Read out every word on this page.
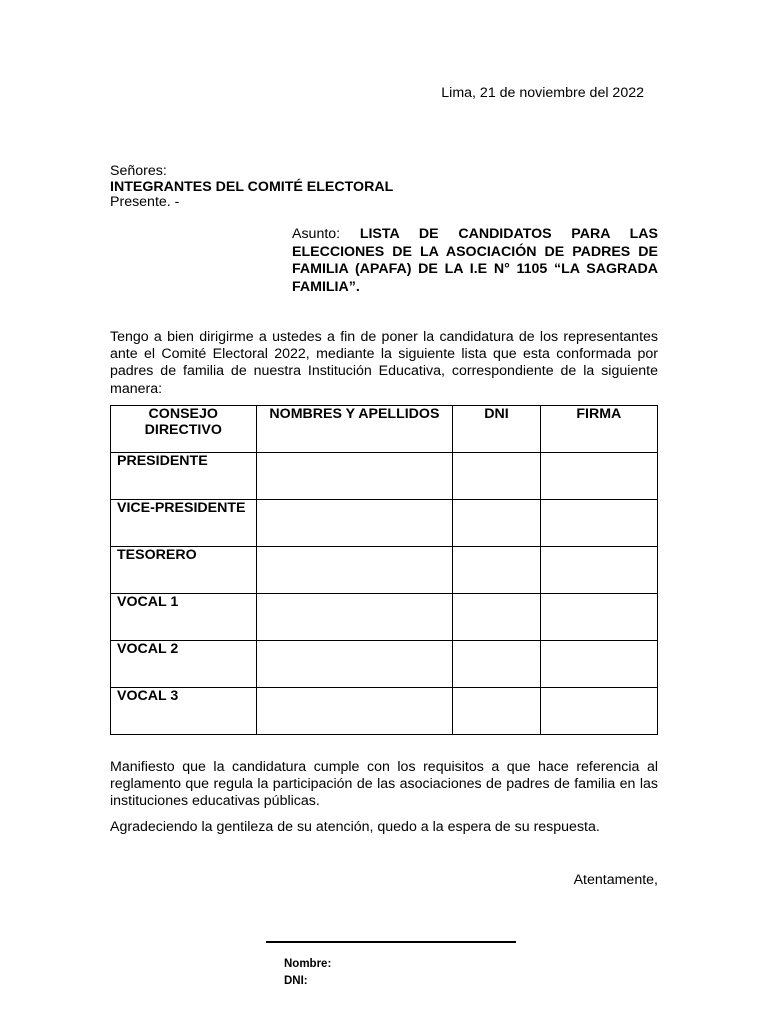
Lima, 21 de noviembre del 2022
Señores:
INTEGRANTES DEL COMITÉ ELECTORAL
Presente. -
Asunto: LISTA DE CANDIDATOS PARA LAS ELECCIONES DE LA ASOCIACIÓN DE PADRES DE FAMILIA (APAFA) DE LA I.E N° 1105 “LA SAGRADA FAMILIA”.
Tengo a bien dirigirme a ustedes a fin de poner la candidatura de los representantes ante el Comité Electoral 2022, mediante la siguiente lista que esta conformada por padres de familia de nuestra Institución Educativa, correspondiente de la siguiente manera:
CONSEJO DIRECTIVO	NOMBRES Y APELLIDOS	DNI	FIRMA
PRESIDENTE			
VICE-PRESIDENTE			
TESORERO			
VOCAL 1			
VOCAL 2			
VOCAL 3			
Manifiesto que la candidatura cumple con los requisitos a que hace referencia al reglamento que regula la participación de las asociaciones de padres de familia en las instituciones educativas públicas.
Agradeciendo la gentileza de su atención, quedo a la espera de su respuesta.
Atentamente,
Nombre:
DNI:
